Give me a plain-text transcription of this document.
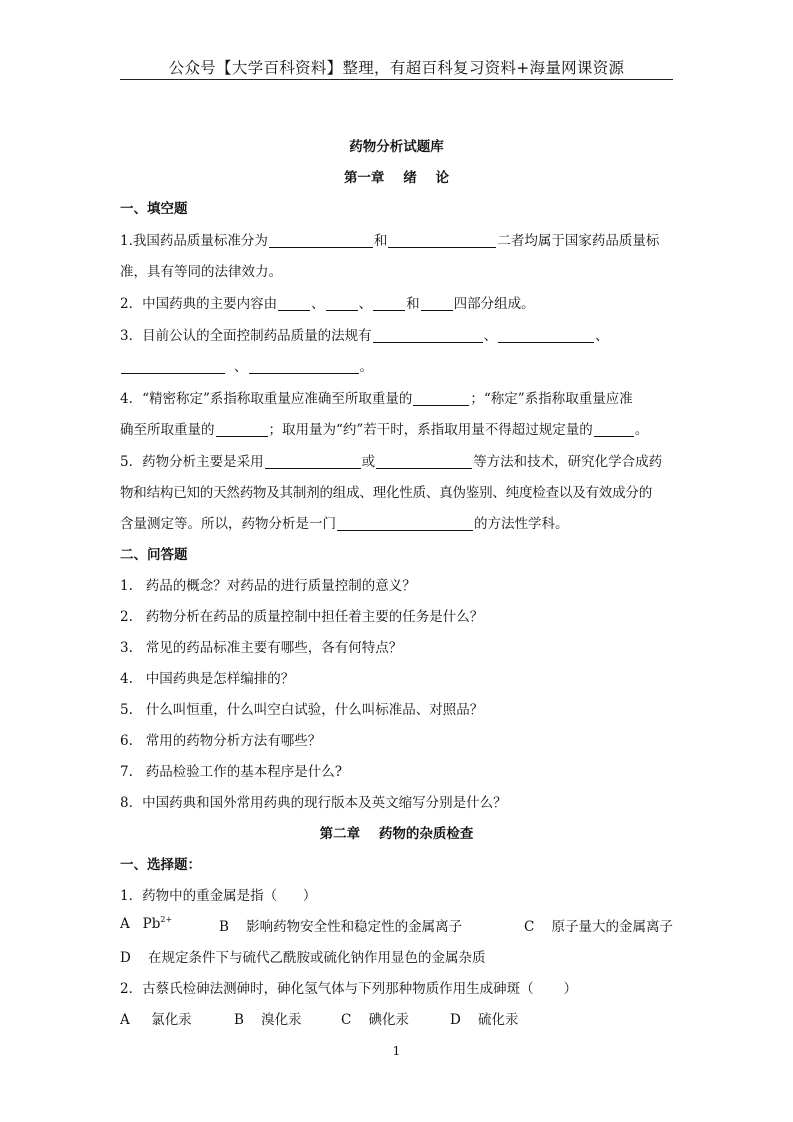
公众号【大学百科资料】整理，有超百科复习资料+海量网课资源
药物分析试题库
第一章    绪    论
一、填空题
1.我国药品质量标准分为	和	二者均属于国家药品质量标
准，具有等同的法律效力。
2．中国药典的主要内容由	、	、	和	四部分组成。
3．目前公认的全面控制药品质量的法规有	、	、
、	。
4．“精密称定”系指称取重量应准确至所取重量的	；“称定”系指称取重量应准
确至所取重量的	；取用量为“约”若干时，系指取用量不得超过规定量的	。
5．药物分析主要是采用	或	等方法和技术，研究化学合成药
物和结构已知的天然药物及其制剂的组成、理化性质、真伪鉴别、纯度检查以及有效成分的
含量测定等。所以，药物分析是一门	的方法性学科。
二、问答题
1.   药品的概念？对药品的进行质量控制的意义？
2.   药物分析在药品的质量控制中担任着主要的任务是什么？
3.   常见的药品标准主要有哪些，各有何特点？
4.   中国药典是怎样编排的？
5.   什么叫恒重，什么叫空白试验，什么叫标准品、对照品？
6.   常用的药物分析方法有哪些？
7.   药品检验工作的基本程序是什么?
8．中国药典和国外常用药典的现行版本及英文缩写分别是什么？
第二章    药物的杂质检查
一、选择题：
1．药物中的重金属是指（      ）
A $Pb^{2+}$	B    影响药物安全性和稳定性的金属离子	C    原子量大的金属离子
D    在规定条件下与硫代乙酰胺或硫化钠作用显色的金属杂质
2．古蔡氏检砷法测砷时，砷化氢气体与下列那种物质作用生成砷斑（       ）
A     氯化汞	B    溴化汞	C    碘化汞	D    硫化汞
1
